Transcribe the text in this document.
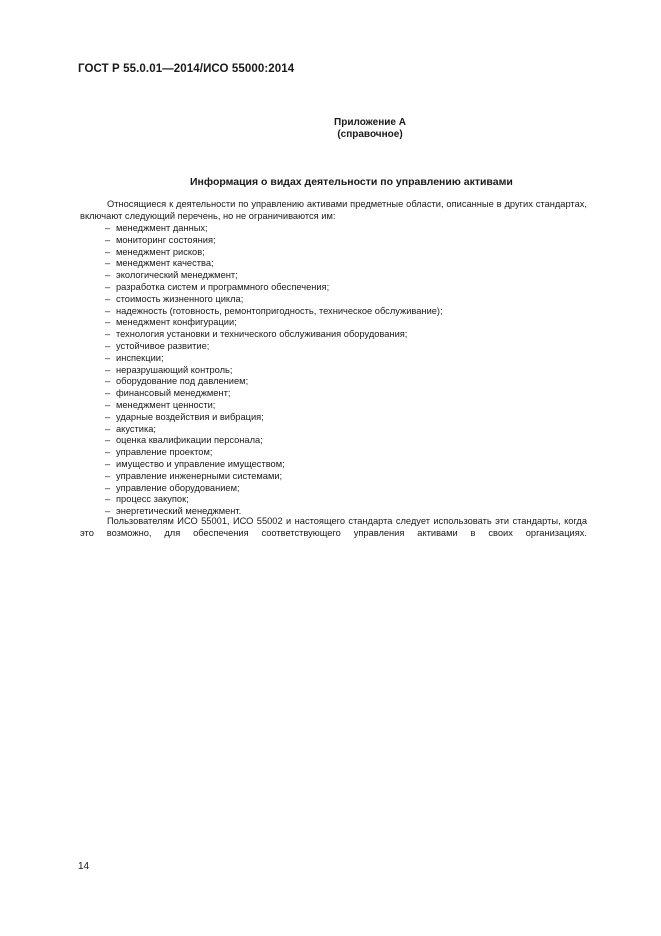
ГОСТ Р 55.0.01—2014/ИСО 55000:2014
Приложение А
(справочное)
Информация о видах деятельности по управлению активами

Относящиеся к деятельности по управлению активами предметные области, описанные в других стандартах, включают следующий перечень, но не ограничиваются им:

– менеджмент данных;
– мониторинг состояния;
– менеджмент рисков;
– менеджмент качества;
– экологический менеджмент;
– разработка систем и программного обеспечения;
– стоимость жизненного цикла;
– надежность (готовность, ремонтопригодность, техническое обслуживание);
– менеджмент конфигурации;
– технология установки и технического обслуживания оборудования;
– устойчивое развитие;
– инспекции;
– неразрушающий контроль;
– оборудование под давлением;
– финансовый менеджмент;
– менеджмент ценности;
– ударные воздействия и вибрация;
– акустика;
– оценка квалификации персонала;
– управление проектом;
– имущество и управление имуществом;
– управление инженерными системами;
– управление оборудованием;
– процесс закупок;
– энергетический менеджмент.

Пользователям ИСО 55001, ИСО 55002 и настоящего стандарта следует использовать эти стандарты, когда это возможно, для обеспечения соответствующего управления активами в своих организациях.

14
